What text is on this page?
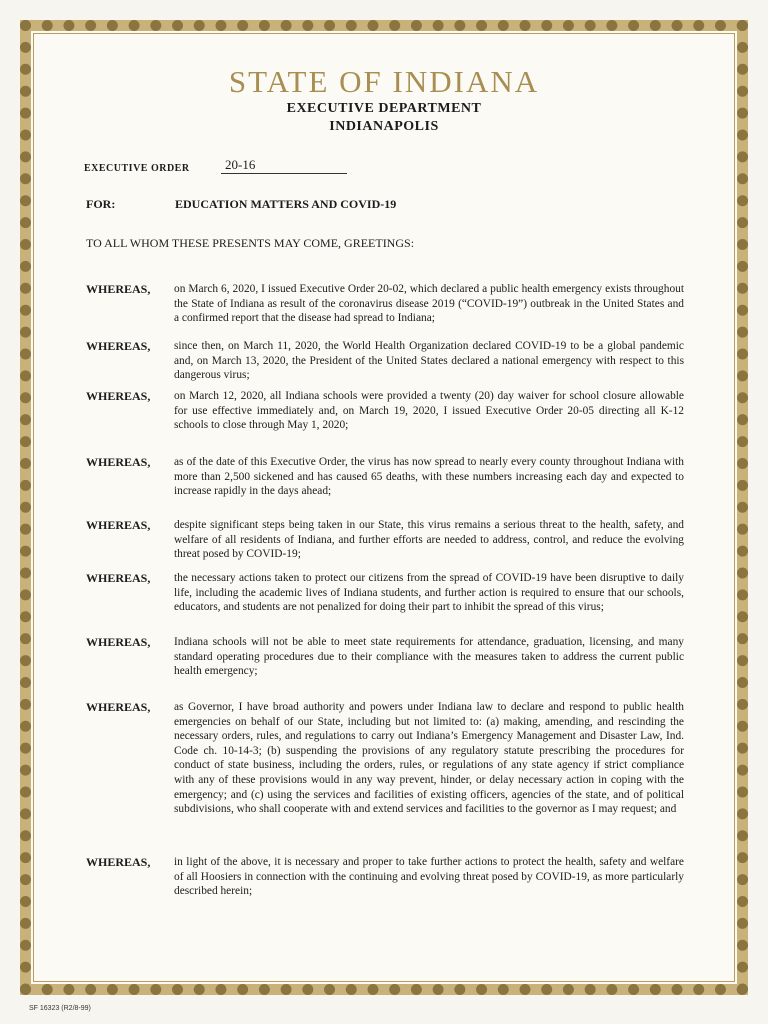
STATE OF INDIANA
EXECUTIVE DEPARTMENT
INDIANAPOLIS
EXECUTIVE ORDER	20-16
FOR:	EDUCATION MATTERS AND COVID-19
TO ALL WHOM THESE PRESENTS MAY COME, GREETINGS:
WHEREAS, on March 6, 2020, I issued Executive Order 20-02, which declared a public health emergency exists throughout the State of Indiana as result of the coronavirus disease 2019 (“COVID-19”) outbreak in the United States and a confirmed report that the disease had spread to Indiana;
WHEREAS, since then, on March 11, 2020, the World Health Organization declared COVID-19 to be a global pandemic and, on March 13, 2020, the President of the United States declared a national emergency with respect to this dangerous virus;
WHEREAS, on March 12, 2020, all Indiana schools were provided a twenty (20) day waiver for school closure allowable for use effective immediately and, on March 19, 2020, I issued Executive Order 20-05 directing all K-12 schools to close through May 1, 2020;
WHEREAS, as of the date of this Executive Order, the virus has now spread to nearly every county throughout Indiana with more than 2,500 sickened and has caused 65 deaths, with these numbers increasing each day and expected to increase rapidly in the days ahead;
WHEREAS, despite significant steps being taken in our State, this virus remains a serious threat to the health, safety, and welfare of all residents of Indiana, and further efforts are needed to address, control, and reduce the evolving threat posed by COVID-19;
WHEREAS, the necessary actions taken to protect our citizens from the spread of COVID-19 have been disruptive to daily life, including the academic lives of Indiana students, and further action is required to ensure that our schools, educators, and students are not penalized for doing their part to inhibit the spread of this virus;
WHEREAS, Indiana schools will not be able to meet state requirements for attendance, graduation, licensing, and many standard operating procedures due to their compliance with the measures taken to address the current public health emergency;
WHEREAS, as Governor, I have broad authority and powers under Indiana law to declare and respond to public health emergencies on behalf of our State, including but not limited to: (a) making, amending, and rescinding the necessary orders, rules, and regulations to carry out Indiana’s Emergency Management and Disaster Law, Ind. Code ch. 10-14-3; (b) suspending the provisions of any regulatory statute prescribing the procedures for conduct of state business, including the orders, rules, or regulations of any state agency if strict compliance with any of these provisions would in any way prevent, hinder, or delay necessary action in coping with the emergency; and (c) using the services and facilities of existing officers, agencies of the state, and of political subdivisions, who shall cooperate with and extend services and facilities to the governor as I may request; and
WHEREAS, in light of the above, it is necessary and proper to take further actions to protect the health, safety and welfare of all Hoosiers in connection with the continuing and evolving threat posed by COVID-19, as more particularly described herein;
SF 16323 (R2/8-99)
